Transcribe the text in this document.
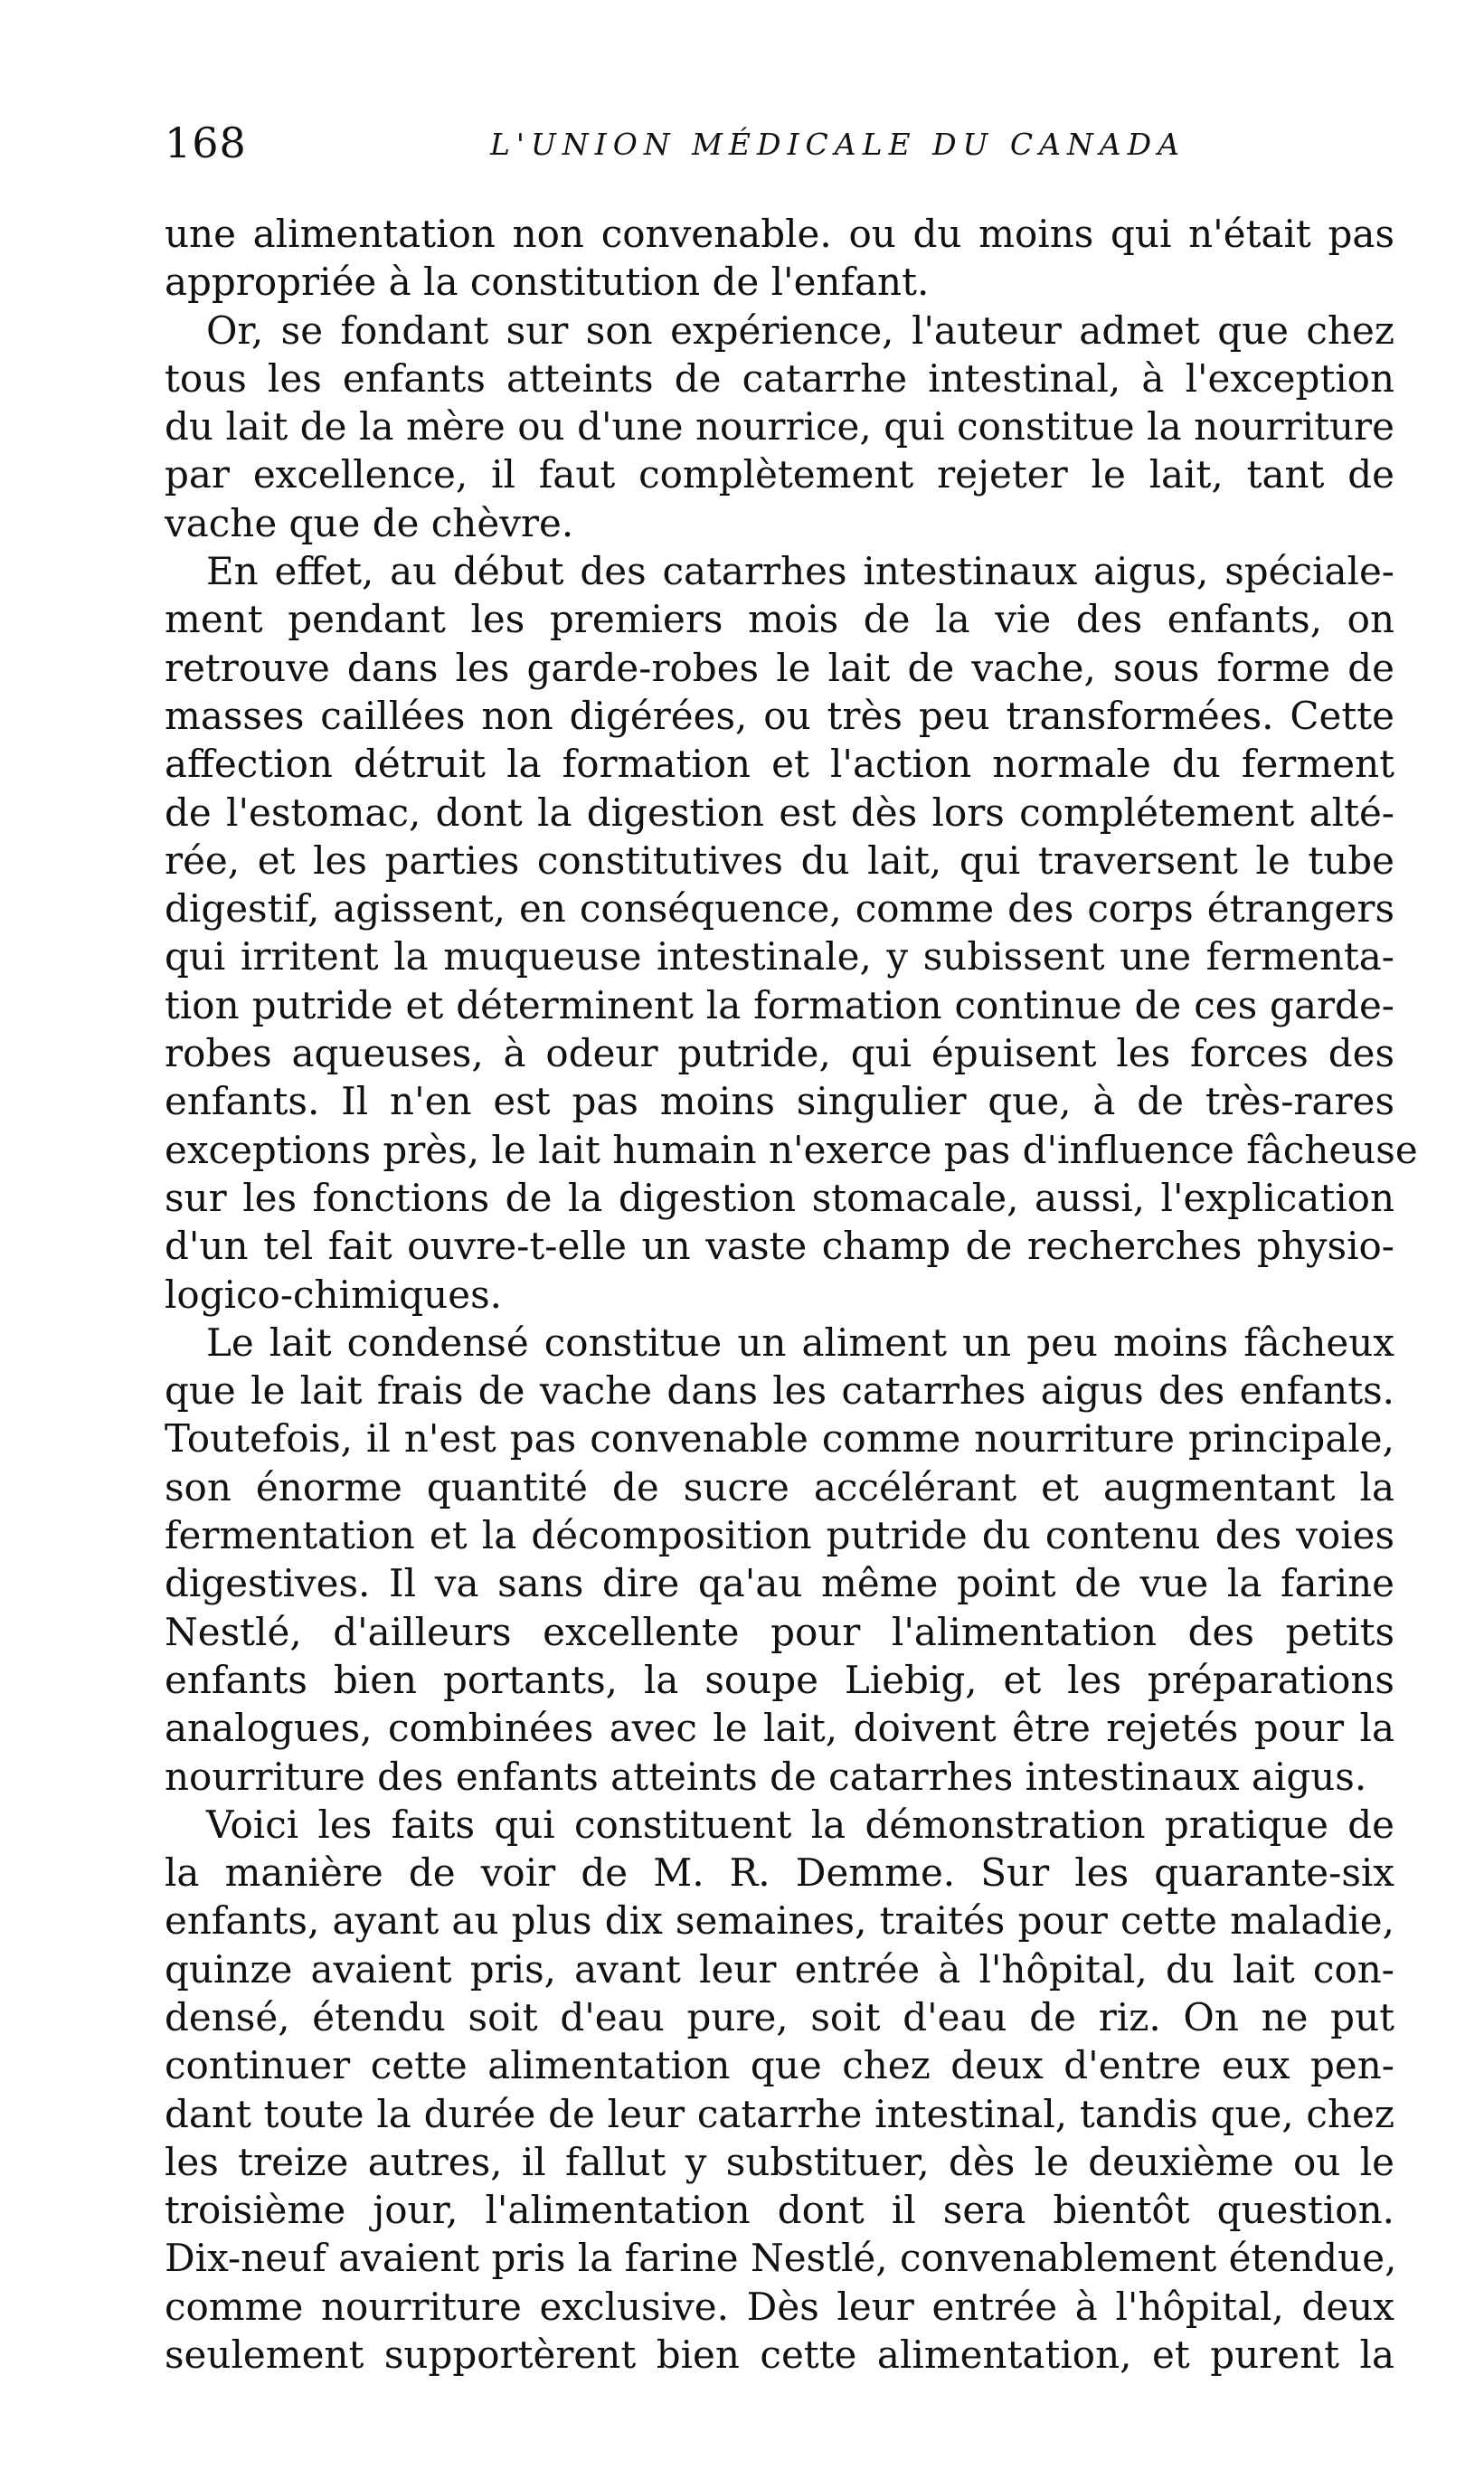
168	L'UNION MÉDICALE DU CANADA
une alimentation non convenable. ou du moins qui n'était pas
appropriée à la constitution de l'enfant.
Or, se fondant sur son expérience, l'auteur admet que chez
tous les enfants atteints de catarrhe intestinal, à l'exception
du lait de la mère ou d'une nourrice, qui constitue la nourriture
par excellence, il faut complètement rejeter le lait, tant de
vache que de chèvre.
En effet, au début des catarrhes intestinaux aigus, spéciale-
ment pendant les premiers mois de la vie des enfants, on
retrouve dans les garde-robes le lait de vache, sous forme de
masses caillées non digérées, ou très peu transformées. Cette
affection détruit la formation et l'action normale du ferment
de l'estomac, dont la digestion est dès lors complétement alté-
rée, et les parties constitutives du lait, qui traversent le tube
digestif, agissent, en conséquence, comme des corps étrangers
qui irritent la muqueuse intestinale, y subissent une fermenta-
tion putride et déterminent la formation continue de ces garde-
robes aqueuses, à odeur putride, qui épuisent les forces des
enfants. Il n'en est pas moins singulier que, à de très-rares
exceptions près, le lait humain n'exerce pas d'influence fâcheuse
sur les fonctions de la digestion stomacale, aussi, l'explication
d'un tel fait ouvre-t-elle un vaste champ de recherches physio-
logico-chimiques.
Le lait condensé constitue un aliment un peu moins fâcheux
que le lait frais de vache dans les catarrhes aigus des enfants.
Toutefois, il n'est pas convenable comme nourriture principale,
son énorme quantité de sucre accélérant et augmentant la
fermentation et la décomposition putride du contenu des voies
digestives. Il va sans dire qa'au même point de vue la farine
Nestlé, d'ailleurs excellente pour l'alimentation des petits
enfants bien portants, la soupe Liebig, et les préparations
analogues, combinées avec le lait, doivent être rejetés pour la
nourriture des enfants atteints de catarrhes intestinaux aigus.
Voici les faits qui constituent la démonstration pratique de
la manière de voir de M. R. Demme. Sur les quarante-six
enfants, ayant au plus dix semaines, traités pour cette maladie,
quinze avaient pris, avant leur entrée à l'hôpital, du lait con-
densé, étendu soit d'eau pure, soit d'eau de riz. On ne put
continuer cette alimentation que chez deux d'entre eux pen-
dant toute la durée de leur catarrhe intestinal, tandis que, chez
les treize autres, il fallut y substituer, dès le deuxième ou le
troisième jour, l'alimentation dont il sera bientôt question.
Dix-neuf avaient pris la farine Nestlé, convenablement étendue,
comme nourriture exclusive. Dès leur entrée à l'hôpital, deux
seulement supportèrent bien cette alimentation, et purent la
